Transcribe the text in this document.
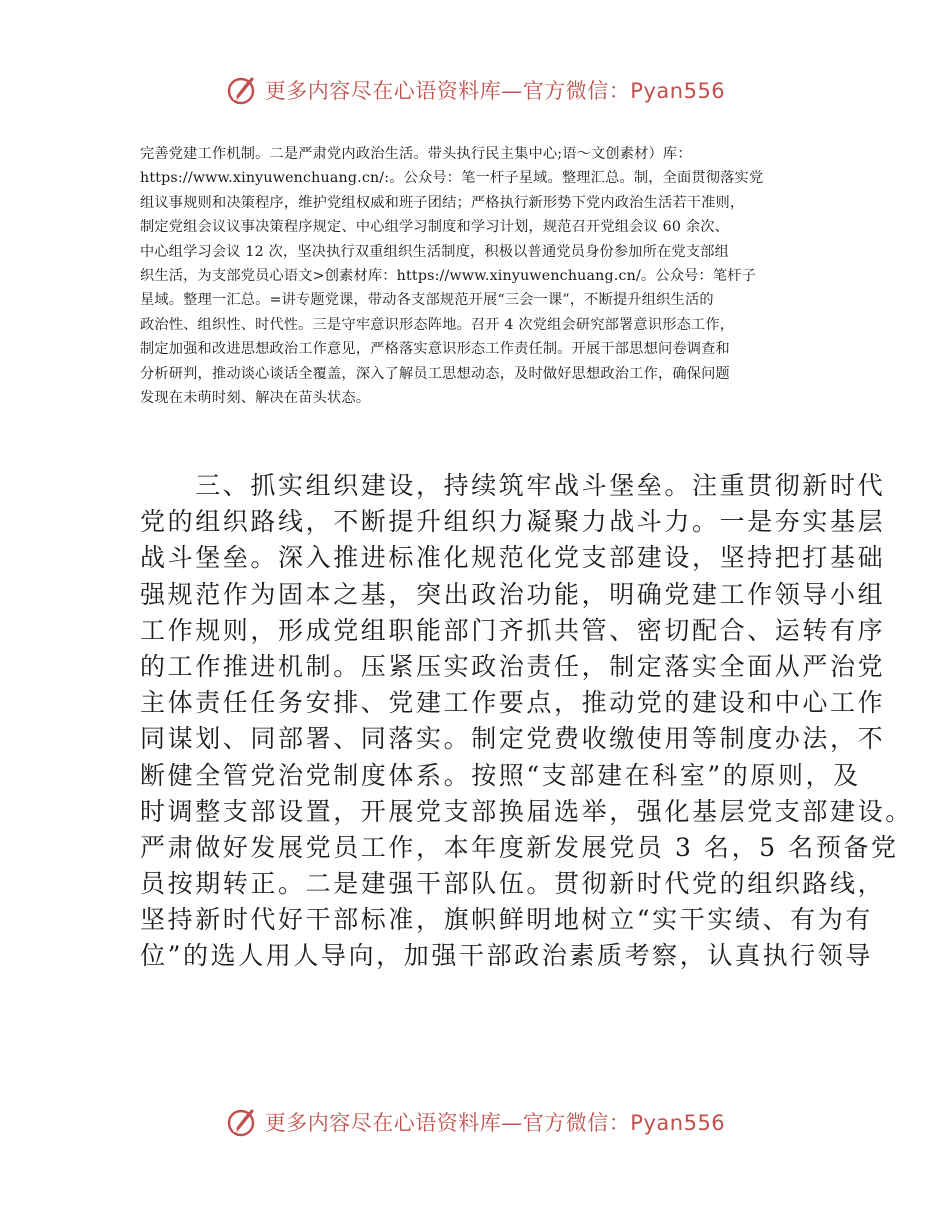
更多内容尽在心语资料库—官方微信：Pyan556
完善党建工作机制。二是严肃党内政治生活。带头执行民主集中心;语～文创素材）库：
https://www.xinyuwenchuang.cn/:。公众号：笔一杆子星域。整理汇总。制，全面贯彻落实党
组议事规则和决策程序，维护党组权威和班子团结；严格执行新形势下党内政治生活若干准则，
制定党组会议议事决策程序规定、中心组学习制度和学习计划，规范召开党组会议 60 余次、
中心组学习会议 12 次，坚决执行双重组织生活制度，积极以普通党员身份参加所在党支部组
织生活，为支部党员心语文>创素材库：https://www.xinyuwenchuang.cn/。公众号：笔杆子
星域。整理一汇总。=讲专题党课，带动各支部规范开展“三会一课”，不断提升组织生活的
政治性、组织性、时代性。三是守牢意识形态阵地。召开 4 次党组会研究部署意识形态工作，
制定加强和改进思想政治工作意见，严格落实意识形态工作责任制。开展干部思想问卷调查和
分析研判，推动谈心谈话全覆盖，深入了解员工思想动态，及时做好思想政治工作，确保问题
发现在未萌时刻、解决在苗头状态。
　　三、抓实组织建设，持续筑牢战斗堡垒。注重贯彻新时代
党的组织路线，不断提升组织力凝聚力战斗力。一是夯实基层
战斗堡垒。深入推进标准化规范化党支部建设，坚持把打基础
强规范作为固本之基，突出政治功能，明确党建工作领导小组
工作规则，形成党组职能部门齐抓共管、密切配合、运转有序
的工作推进机制。压紧压实政治责任，制定落实全面从严治党
主体责任任务安排、党建工作要点，推动党的建设和中心工作
同谋划、同部署、同落实。制定党费收缴使用等制度办法，不
断健全管党治党制度体系。按照“支部建在科室”的原则，及
时调整支部设置，开展党支部换届选举，强化基层党支部建设。
严肃做好发展党员工作，本年度新发展党员 3 名，5 名预备党
员按期转正。二是建强干部队伍。贯彻新时代党的组织路线，
坚持新时代好干部标准，旗帜鲜明地树立“实干实绩、有为有
位”的选人用人导向，加强干部政治素质考察，认真执行领导
更多内容尽在心语资料库—官方微信：Pyan556
